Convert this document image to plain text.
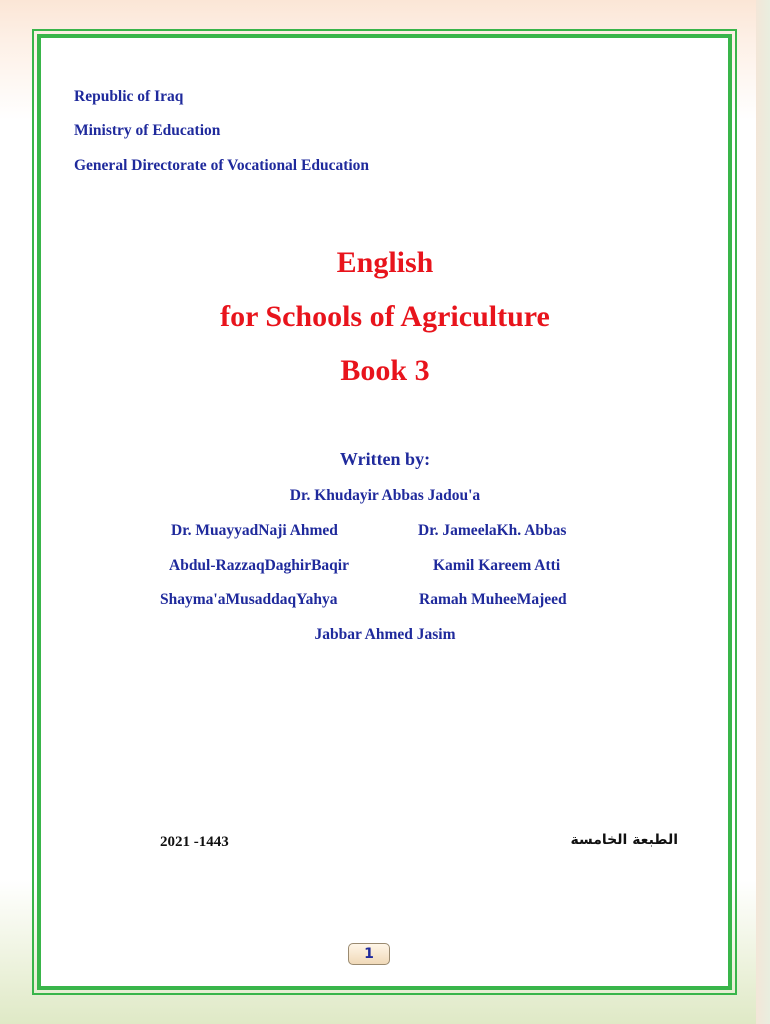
Republic of Iraq
Ministry of Education
General Directorate of Vocational Education
English
for Schools of Agriculture
Book 3
Written by:
Dr. Khudayir Abbas Jadou'a
Dr. MuayyadNaji Ahmed	Dr. JameelaKh. Abbas
Abdul-RazzaqDaghirBaqir	Kamil Kareem Atti
Shayma'aMusaddaqYahya	Ramah MuheeMajeed
Jabbar Ahmed Jasim
2021 -1443	الطبعة الخامسة
1
